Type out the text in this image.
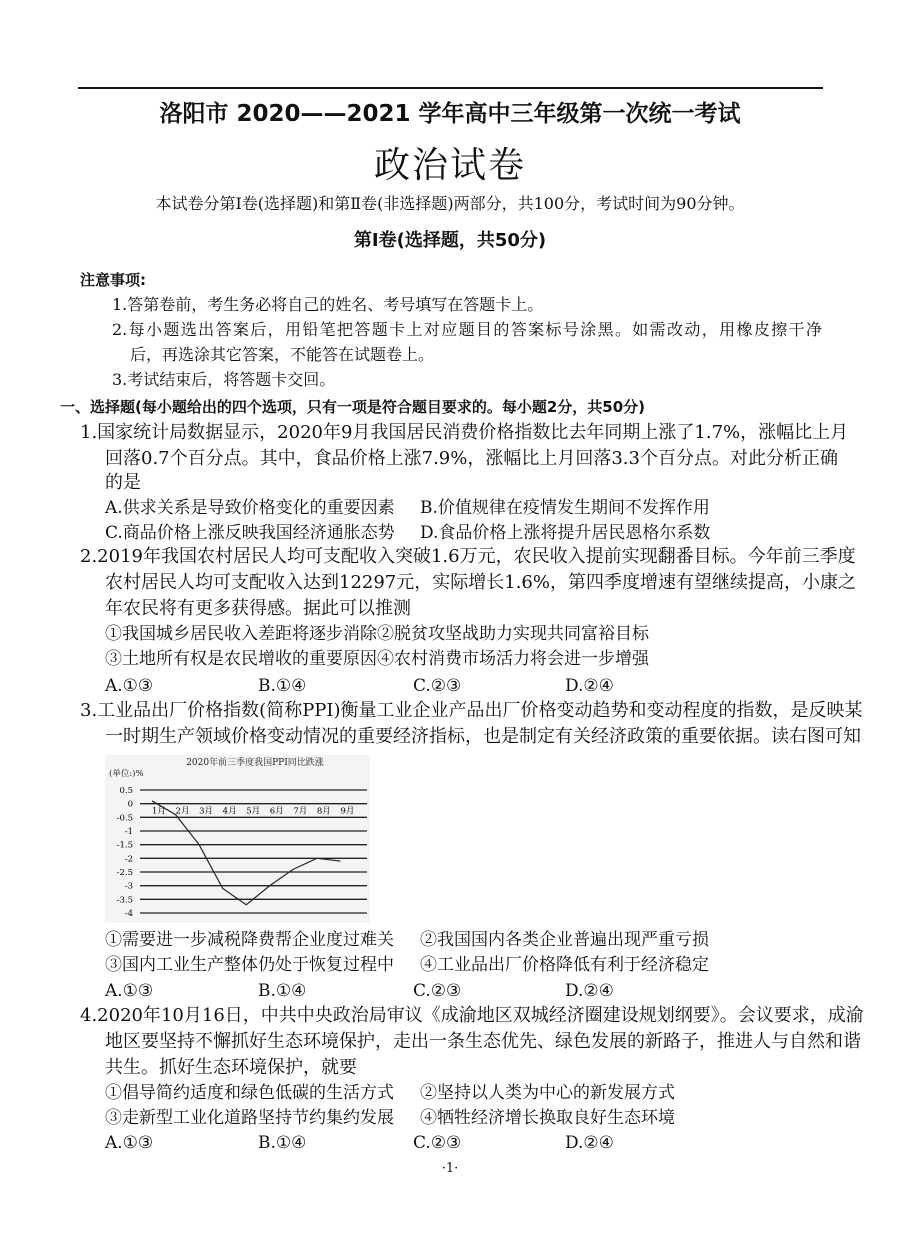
洛阳市 2020——2021 学年高中三年级第一次统一考试
政治试卷
本试卷分第Ⅰ卷(选择题)和第Ⅱ卷(非选择题)两部分，共100分，考试时间为90分钟。
第Ⅰ卷(选择题，共50分)
注意事项:
1.答第卷前，考生务必将自己的姓名、考号填写在答题卡上。
2.每小题选出答案后，用铅笔把答题卡上对应题目的答案标号涂黑。如需改动，用橡皮擦干净
后，再选涂其它答案，不能答在试题卷上。
3.考试结束后，将答题卡交回。
一、选择题(每小题给出的四个选项，只有一项是符合题目要求的。每小题2分，共50分)
1.国家统计局数据显示，2020年9月我国居民消费价格指数比去年同期上涨了1.7%，涨幅比上月
回落0.7个百分点。其中，食品价格上涨7.9%，涨幅比上月回落3.3个百分点。对此分析正确
的是
A.供求关系是导致价格变化的重要因素 B.价值规律在疫情发生期间不发挥作用
C.商品价格上涨反映我国经济通胀态势 D.食品价格上涨将提升居民恩格尔系数
2.2019年我国农村居民人均可支配收入突破1.6万元，农民收入提前实现翻番目标。今年前三季度
农村居民人均可支配收入达到12297元，实际增长1.6%，第四季度增速有望继续提高，小康之
年农民将有更多获得感。据此可以推测
①我国城乡居民收入差距将逐步消除②脱贫攻坚战助力实现共同富裕目标
③土地所有权是农民增收的重要原因④农村消费市场活力将会进一步增强
A.①③	B.①④	C.②③	D.②④
3.工业品出厂价格指数(简称PPI)衡量工业企业产品出厂价格变动趋势和变动程度的指数，是反映某
一时期生产领域价格变动情况的重要经济指标，也是制定有关经济政策的重要依据。读右图可知
2020年前三季度我国PPI同比跌涨
(单位:)%
0.5
0
-0.5
-1
-1.5
-2
-2.5
-3
-3.5
-4
1月 2月 3月 4月 5月 6月 7月 8月 9月
①需要进一步减税降费帮企业度过难关 ②我国国内各类企业普遍出现严重亏损
③国内工业生产整体仍处于恢复过程中 ④工业品出厂价格降低有利于经济稳定
A.①③	B.①④	C.②③	D.②④
4.2020年10月16日，中共中央政治局审议《成渝地区双城经济圈建设规划纲要》。会议要求，成渝
地区要坚持不懈抓好生态环境保护，走出一条生态优先、绿色发展的新路子，推进人与自然和谐
共生。抓好生态环境保护，就要
①倡导简约适度和绿色低碳的生活方式 ②坚持以人类为中心的新发展方式
③走新型工业化道路坚持节约集约发展 ④牺牲经济增长换取良好生态环境
A.①③	B.①④	C.②③	D.②④
·1·
